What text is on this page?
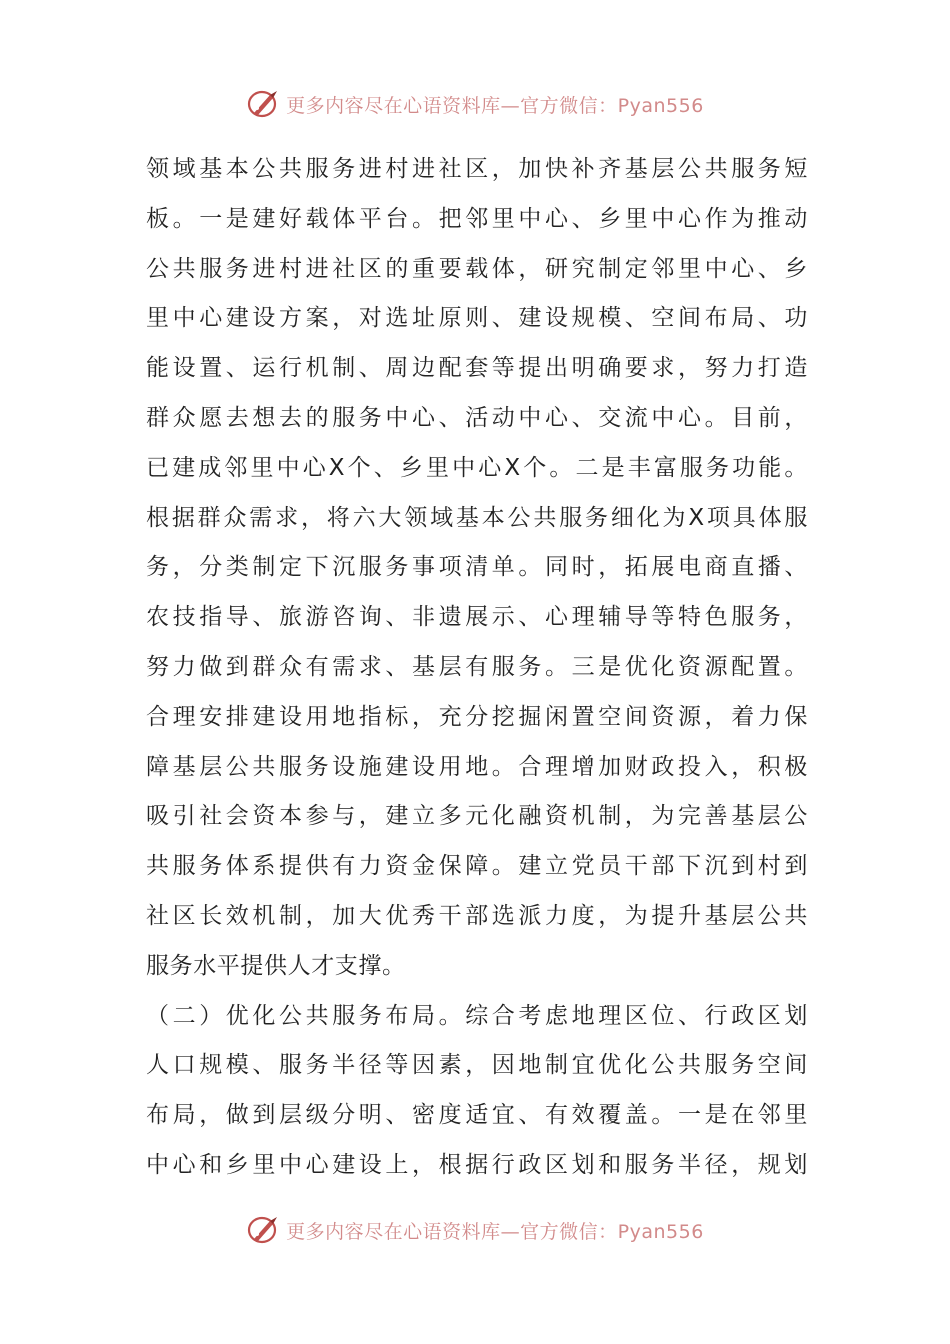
更多内容尽在心语资料库—官方微信：Pyan556
领域基本公共服务进村进社区，加快补齐基层公共服务短
板。一是建好载体平台。把邻里中心、乡里中心作为推动
公共服务进村进社区的重要载体，研究制定邻里中心、乡
里中心建设方案，对选址原则、建设规模、空间布局、功
能设置、运行机制、周边配套等提出明确要求，努力打造
群众愿去想去的服务中心、活动中心、交流中心。目前，
已建成邻里中心X个、乡里中心X个。二是丰富服务功能。
根据群众需求，将六大领域基本公共服务细化为X项具体服
务，分类制定下沉服务事项清单。同时，拓展电商直播、
农技指导、旅游咨询、非遗展示、心理辅导等特色服务，
努力做到群众有需求、基层有服务。三是优化资源配置。
合理安排建设用地指标，充分挖掘闲置空间资源，着力保
障基层公共服务设施建设用地。合理增加财政投入，积极
吸引社会资本参与，建立多元化融资机制，为完善基层公
共服务体系提供有力资金保障。建立党员干部下沉到村到
社区长效机制，加大优秀干部选派力度，为提升基层公共
服务水平提供人才支撑。
（二）优化公共服务布局。综合考虑地理区位、行政区划
人口规模、服务半径等因素，因地制宜优化公共服务空间
布局，做到层级分明、密度适宜、有效覆盖。一是在邻里
中心和乡里中心建设上，根据行政区划和服务半径，规划
更多内容尽在心语资料库—官方微信：Pyan556
